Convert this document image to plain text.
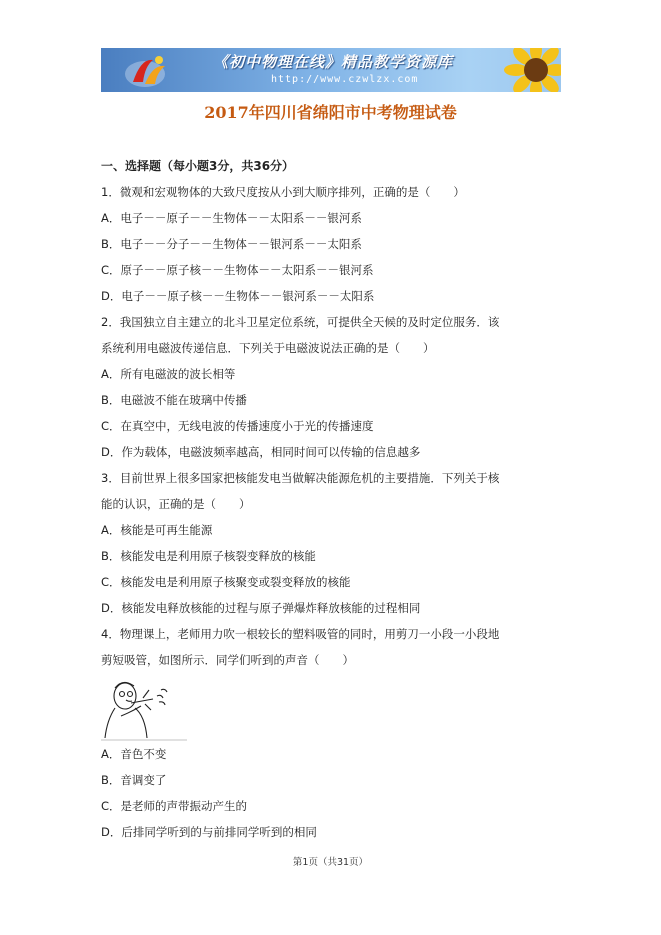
《初中物理在线》精品教学资源库
http://www.czwlzx.com
2017年四川省绵阳市中考物理试卷
一、选择题（每小题3分，共36分）
1．微观和宏观物体的大致尺度按从小到大顺序排列，正确的是（　　）
A．电子－－原子－－生物体－－太阳系－－银河系
B．电子－－分子－－生物体－－银河系－－太阳系
C．原子－－原子核－－生物体－－太阳系－－银河系
D．电子－－原子核－－生物体－－银河系－－太阳系
2．我国独立自主建立的北斗卫星定位系统，可提供全天候的及时定位服务．该
系统利用电磁波传递信息．下列关于电磁波说法正确的是（　　）
A．所有电磁波的波长相等
B．电磁波不能在玻璃中传播
C．在真空中，无线电波的传播速度小于光的传播速度
D．作为载体，电磁波频率越高，相同时间可以传输的信息越多
3．目前世界上很多国家把核能发电当做解决能源危机的主要措施．下列关于核
能的认识，正确的是（　　）
A．核能是可再生能源
B．核能发电是利用原子核裂变释放的核能
C．核能发电是利用原子核聚变或裂变释放的核能
D．核能发电释放核能的过程与原子弹爆炸释放核能的过程相同
4．物理课上，老师用力吹一根较长的塑料吸管的同时，用剪刀一小段一小段地
剪短吸管，如图所示．同学们听到的声音（　　）
A．音色不变
B．音调变了
C．是老师的声带振动产生的
D．后排同学听到的与前排同学听到的相同
第1页（共31页）
